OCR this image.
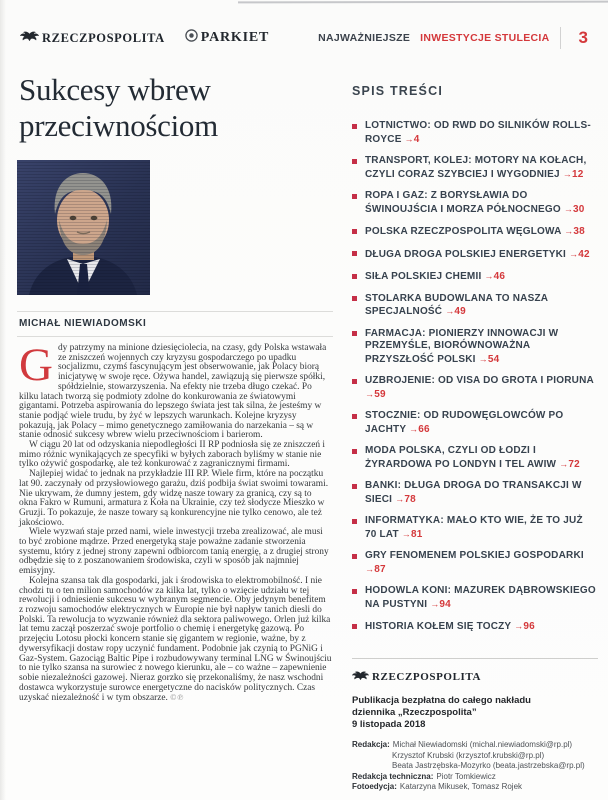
RZECZPOSPOLITA	PARKIET	NAJWAŻNIEJSZE INWESTYCJE STULECIA	3
Sukcesy wbrew
przeciwnościom
MICHAŁ NIEWIADOMSKI

Gdy patrzymy na minione dziesięciolecia, na czasy, gdy Polska wstawała ze zniszczeń wojennych czy kryzysu gospodarczego po upadku socjalizmu, czymś fascynującym jest obserwowanie, jak Polacy biorą inicjatywę w swoje ręce. Ożywa handel, zawiązują się pierwsze spółki, spółdzielnie, stowarzyszenia. Na efekty nie trzeba długo czekać. Po kilku latach tworzą się podmioty zdolne do konkurowania ze światowymi gigantami. Potrzeba aspirowania do lepszego świata jest tak silna, że jesteśmy w stanie podjąć wiele trudu, by żyć w lepszych warunkach. Kolejne kryzysy pokazują, jak Polacy – mimo genetycznego zamiłowania do narzekania – są w stanie odnosić sukcesy wbrew wielu przeciwnościom i barierom.

W ciągu 20 lat od odzyskania niepodległości II RP podniosła się ze zniszczeń i mimo różnic wynikających ze specyfiki w byłych zaborach byliśmy w stanie nie tylko ożywić gospodarkę, ale też konkurować z zagranicznymi firmami.

Najlepiej widać to jednak na przykładzie III RP. Wiele firm, które na początku lat 90. zaczynały od przysłowiowego garażu, dziś podbija świat swoimi towarami. Nie ukrywam, że dumny jestem, gdy widzę nasze towary za granicą, czy są to okna Fakro w Rumuni, armatura z Koła na Ukrainie, czy też słodycze Mieszko w Gruzji. To pokazuje, że nasze towary są konkurencyjne nie tylko cenowo, ale też jakościowo.

Wiele wyzwań staje przed nami, wiele inwestycji trzeba zrealizować, ale musi to być zrobione mądrze. Przed energetyką staje poważne zadanie stworzenia systemu, który z jednej strony zapewni odbiorcom tanią energię, a z drugiej strony odbędzie się to z poszanowaniem środowiska, czyli w sposób jak najmniej emisyjny.

Kolejna szansa tak dla gospodarki, jak i środowiska to elektromobilność. I nie chodzi tu o ten milion samochodów za kilka lat, tylko o wzięcie udziału w tej rewolucji i odniesienie sukcesu w wybranym segmencie. Oby jedynym benefitem z rozwoju samochodów elektrycznych w Europie nie był napływ tanich diesli do Polski. Ta rewolucja to wyzwanie również dla sektora paliwowego. Orlen już kilka lat temu zaczął poszerzać swoje portfolio o chemię i energetykę gazową. Po przejęciu Lotosu płocki koncern stanie się gigantem w regionie, ważne, by z dywersyfikacji dostaw ropy uczynić fundament. Podobnie jak czynią to PGNiG i Gaz-System. Gazociąg Baltic Pipe i rozbudowywany terminal LNG w Świnoujściu to nie tylko szansa na surowiec z nowego kierunku, ale – co ważne – zapewnienie sobie niezależności gazowej. Nieraz gorzko się przekonaliśmy, że nasz wschodni dostawca wykorzystuje surowce energetyczne do nacisków politycznych. Czas uzyskać niezależność i w tym obszarze. ©℗

SPIS TREŚCI
LOTNICTWO: OD RWD DO SILNIKÓW ROLLS-ROYCE →4
TRANSPORT, KOLEJ: MOTORY NA KOŁACH, CZYLI CORAZ SZYBCIEJ I WYGODNIEJ →12
ROPA I GAZ: Z BORYSŁAWIA DO ŚWINOUJŚCIA I MORZA PÓŁNOCNEGO →30
POLSKA RZECZPOSPOLITA WĘGLOWA →38
DŁUGA DROGA POLSKIEJ ENERGETYKI →42
SIŁA POLSKIEJ CHEMII →46
STOLARKA BUDOWLANA TO NASZA SPECJALNOŚĆ →49
FARMACJA: PIONIERZY INNOWACJI W PRZEMYŚLE, BIORÓWNOWAŻNA PRZYSZŁOŚĆ POLSKI →54
UZBROJENIE: OD VISA DO GROTA I PIORUNA →59
STOCZNIE: OD RUDOWĘGLOWCÓW PO JACHTY →66
MODA POLSKA, CZYLI OD ŁODZI I ŻYRARDOWA PO LONDYN I TEL AWIW →72
BANKI: DŁUGA DROGA DO TRANSAKCJI W SIECI →78
INFORMATYKA: MAŁO KTO WIE, ŻE TO JUŻ 70 LAT →81
GRY FENOMENEM POLSKIEJ GOSPODARKI →87
HODOWLA KONI: MAZUREK DĄBROWSKIEGO NA PUSTYNI →94
HISTORIA KOŁEM SIĘ TOCZY →96
RZECZPOSPOLITA
Publikacja bezpłatna do całego nakładu
dziennika „Rzeczpospolita”
9 listopada 2018
Redakcja: Michał Niewiadomski (michal.niewiadomski@rp.pl)
Krzysztof Krubski (krzysztof.krubski@rp.pl)
Beata Jastrzębska-Mozyrko (beata.jastrzebska@rp.pl)
Redakcja techniczna: Piotr Tomkiewicz
Fotoedycja: Katarzyna Mikusek, Tomasz Rojek
